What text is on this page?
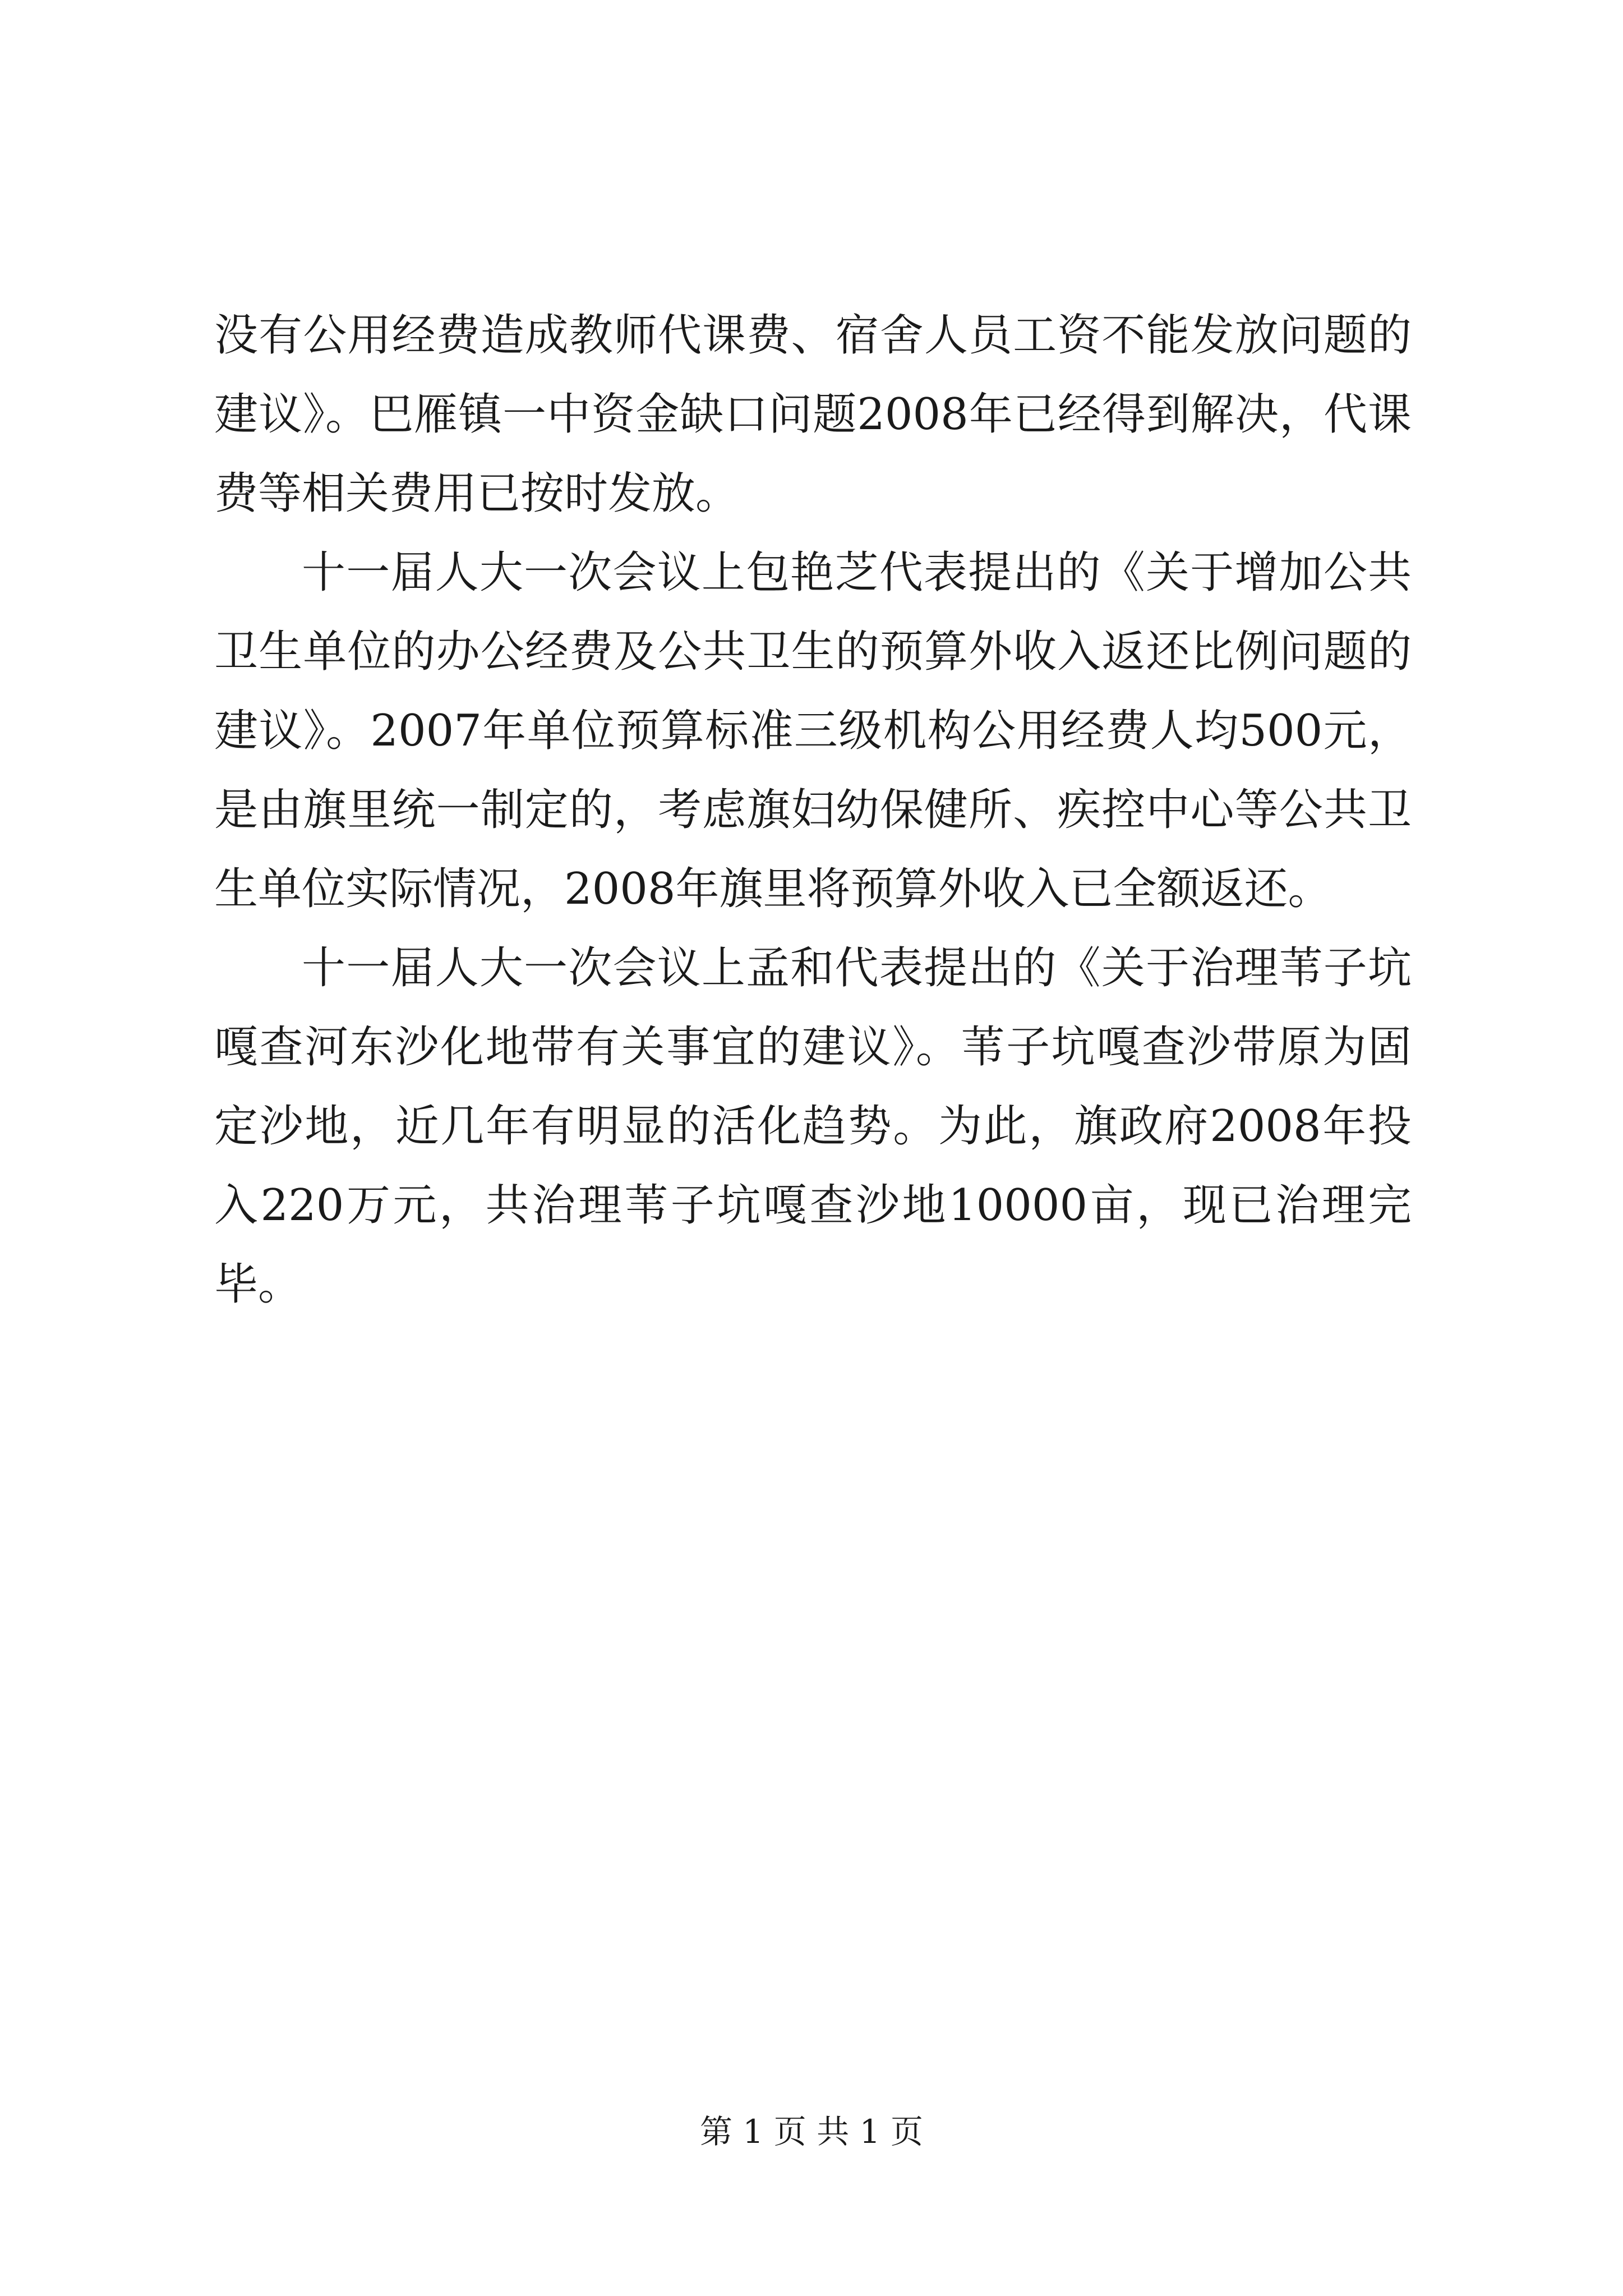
没有公用经费造成教师代课费、宿舍人员工资不能发放问题的建议》。巴雁镇一中资金缺口问题2008年已经得到解决，代课费等相关费用已按时发放。

十一届人大一次会议上包艳芝代表提出的《关于增加公共卫生单位的办公经费及公共卫生的预算外收入返还比例问题的建议》。2007年单位预算标准三级机构公用经费人均500元，是由旗里统一制定的，考虑旗妇幼保健所、疾控中心等公共卫生单位实际情况，2008年旗里将预算外收入已全额返还。

十一届人大一次会议上孟和代表提出的《关于治理苇子坑嘎查河东沙化地带有关事宜的建议》。苇子坑嘎查沙带原为固定沙地，近几年有明显的活化趋势。为此，旗政府2008年投入220万元，共治理苇子坑嘎查沙地10000亩，现已治理完毕。

第 1 页 共 1 页
